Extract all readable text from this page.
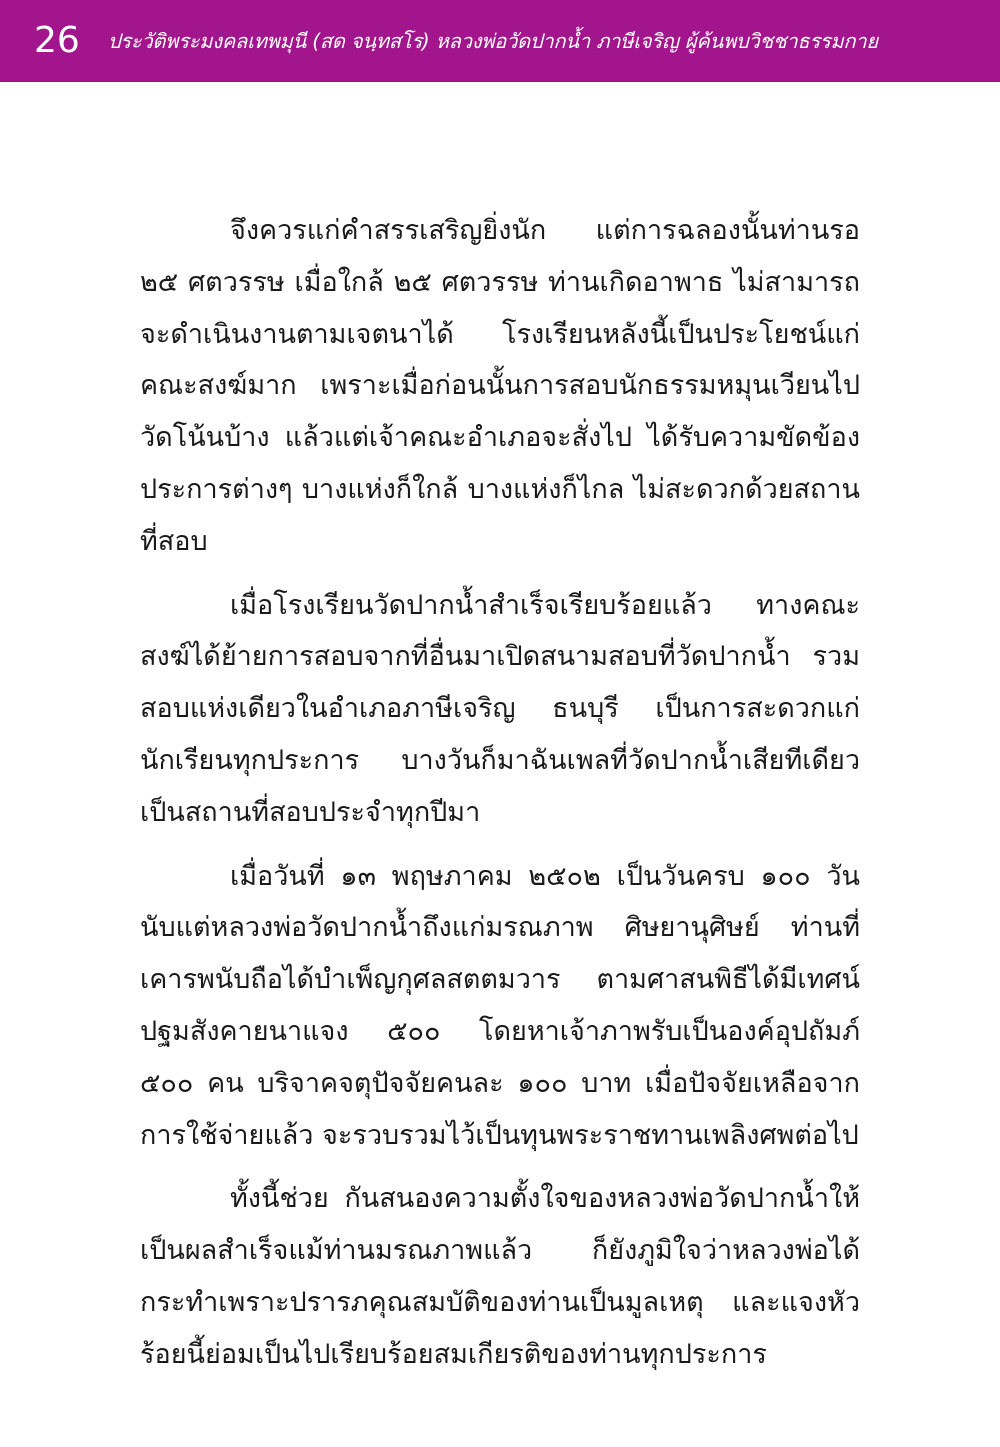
26 ประวัติพระมงคลเทพมุนี (สด จนฺทสโร) หลวงพ่อวัดปากน้ำ ภาษีเจริญ ผู้ค้นพบวิชชาธรรมกาย

จึงควรแก่คำสรรเสริญยิ่งนัก แต่การฉลองนั้นท่านรอ ๒๕ ศตวรรษ เมื่อใกล้ ๒๕ ศตวรรษ ท่านเกิดอาพาธ ไม่สามารถจะดำเนินงานตามเจตนาได้ โรงเรียนหลังนี้เป็นประโยชน์แก่คณะสงฆ์มาก เพราะเมื่อก่อนนั้นการสอบนักธรรมหมุนเวียนไปวัดโน้นบ้าง แล้วแต่เจ้าคณะอำเภอจะสั่งไป ได้รับความขัดข้องประการต่างๆ บางแห่งก็ใกล้ บางแห่งก็ไกล ไม่สะดวกด้วยสถานที่สอบ

เมื่อโรงเรียนวัดปากน้ำสำเร็จเรียบร้อยแล้ว ทางคณะสงฆ์ได้ย้ายการสอบจากที่อื่นมาเปิดสนามสอบที่วัดปากน้ำ รวมสอบแห่งเดียวในอำเภอภาษีเจริญ ธนบุรี เป็นการสะดวกแก่นักเรียนทุกประการ บางวันก็มาฉันเพลที่วัดปากน้ำเสียทีเดียว เป็นสถานที่สอบประจำทุกปีมา

เมื่อวันที่ ๑๓ พฤษภาคม ๒๕๐๒ เป็นวันครบ ๑๐๐ วัน นับแต่หลวงพ่อวัดปากน้ำถึงแก่มรณภาพ ศิษยานุศิษย์ ท่านที่เคารพนับถือได้บำเพ็ญกุศลสตตมวาร ตามศาสนพิธีได้มีเทศน์ปฐมสังคายนาแจง ๕๐๐ โดยหาเจ้าภาพรับเป็นองค์อุปถัมภ์ ๕๐๐ คน บริจาคจตุปัจจัยคนละ ๑๐๐ บาท เมื่อปัจจัยเหลือจากการใช้จ่ายแล้ว จะรวบรวมไว้เป็นทุนพระราชทานเพลิงศพต่อไป

ทั้งนี้ช่วย กันสนองความตั้งใจของหลวงพ่อวัดปากน้ำให้เป็นผลสำเร็จแม้ท่านมรณภาพแล้ว ก็ยังภูมิใจว่าหลวงพ่อได้กระทำเพราะปรารภคุณสมบัติของท่านเป็นมูลเหตุ และแจงหัวร้อยนี้ย่อมเป็นไปเรียบร้อยสมเกียรติของท่านทุกประการ
